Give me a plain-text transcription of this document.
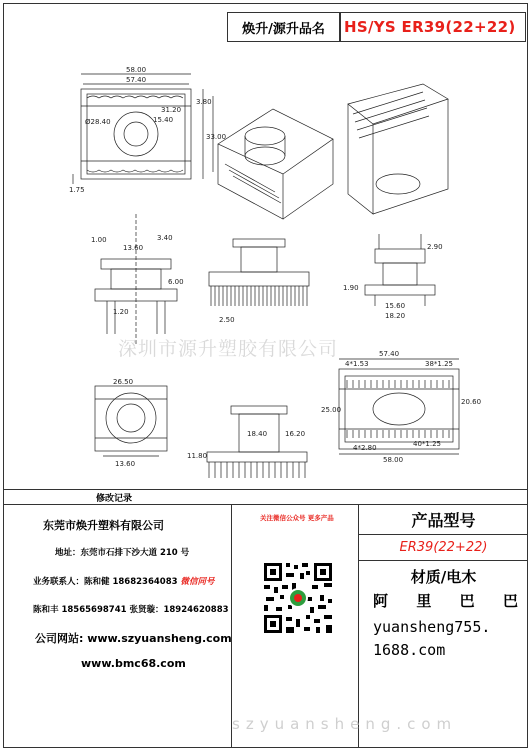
焕升/源升品名	HS/YS ER39(22+22)
58.00
57.40
Ø28.40	15.40
31.20
3.80
33.00
1.75
1.00
13.60
3.40
6.00
1.20
2.50
2.90
15.60
18.20
1.90
57.40
4*1.53	38*1.25
25.00
20.60
40*1.25
4*2.80
58.00
26.50
13.60
18.40	16.20
11.80
深圳市源升塑胶有限公司
修改记录
东莞市焕升塑料有限公司
地址：东莞市石排下沙大道 210 号
业务联系人：陈和健 18682364083 微信同号
陈和丰 18565698741 张贤璇：18924620883
公司网站: www.szyuansheng.com
www.bmc68.com
关注微信公众号 更多产品	产品型号
ER39(22+22)
材质/电木
阿 里 巴 巴
yuansheng755.
1688.com
szyuansheng.com
